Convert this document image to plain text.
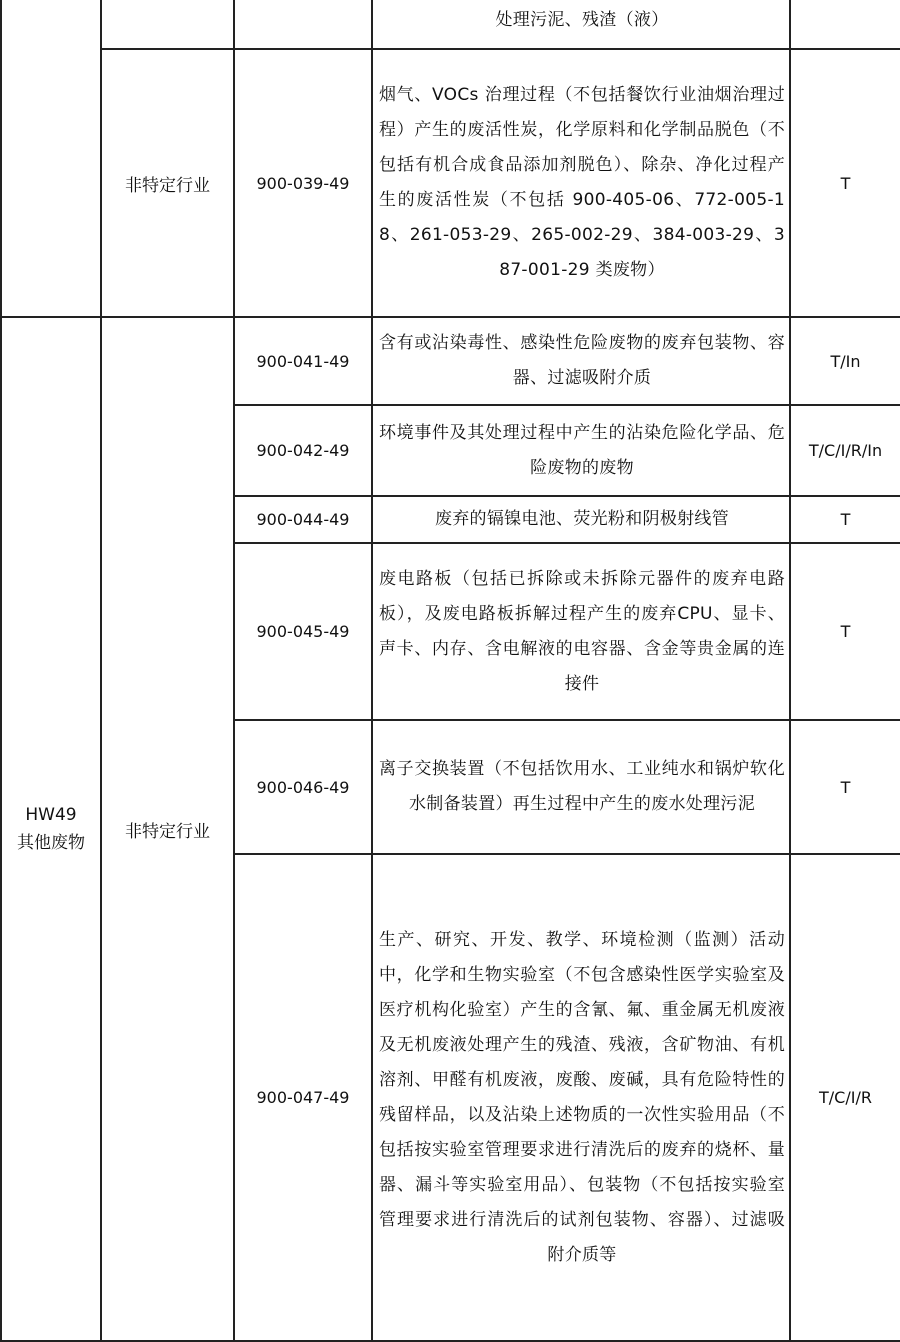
			处理污泥、残渣（液）	
	非特定行业	900-039-49	烟气、VOCs 治理过程（不包括餐饮行业油烟治理过程）产生的废活性炭，化学原料和化学制品脱色（不包括有机合成食品添加剂脱色）、除杂、净化过程产生的废活性炭（不包括 900-405-06、772-005-18、261-053-29、265-002-29、384-003-29、387-001-29 类废物）	T

HW49
其他废物	非特定行业	900-041-49	含有或沾染毒性、感染性危险废物的废弃包装物、容器、过滤吸附介质	T/In
		900-042-49	环境事件及其处理过程中产生的沾染危险化学品、危险废物的废物	T/C/I/R/In
		900-044-49	废弃的镉镍电池、荧光粉和阴极射线管	T
		900-045-49	废电路板（包括已拆除或未拆除元器件的废弃电路板），及废电路板拆解过程产生的废弃CPU、显卡、声卡、内存、含电解液的电容器、含金等贵金属的连接件	T
		900-046-49	离子交换装置（不包括饮用水、工业纯水和锅炉软化水制备装置）再生过程中产生的废水处理污泥	T
		900-047-49	生产、研究、开发、教学、环境检测（监测）活动中，化学和生物实验室（不包含感染性医学实验室及医疗机构化验室）产生的含氰、氟、重金属无机废液及无机废液处理产生的残渣、残液，含矿物油、有机溶剂、甲醛有机废液，废酸、废碱，具有危险特性的残留样品，以及沾染上述物质的一次性实验用品（不包括按实验室管理要求进行清洗后的废弃的烧杯、量器、漏斗等实验室用品）、包装物（不包括按实验室管理要求进行清洗后的试剂包装物、容器）、过滤吸附介质等	T/C/I/R
